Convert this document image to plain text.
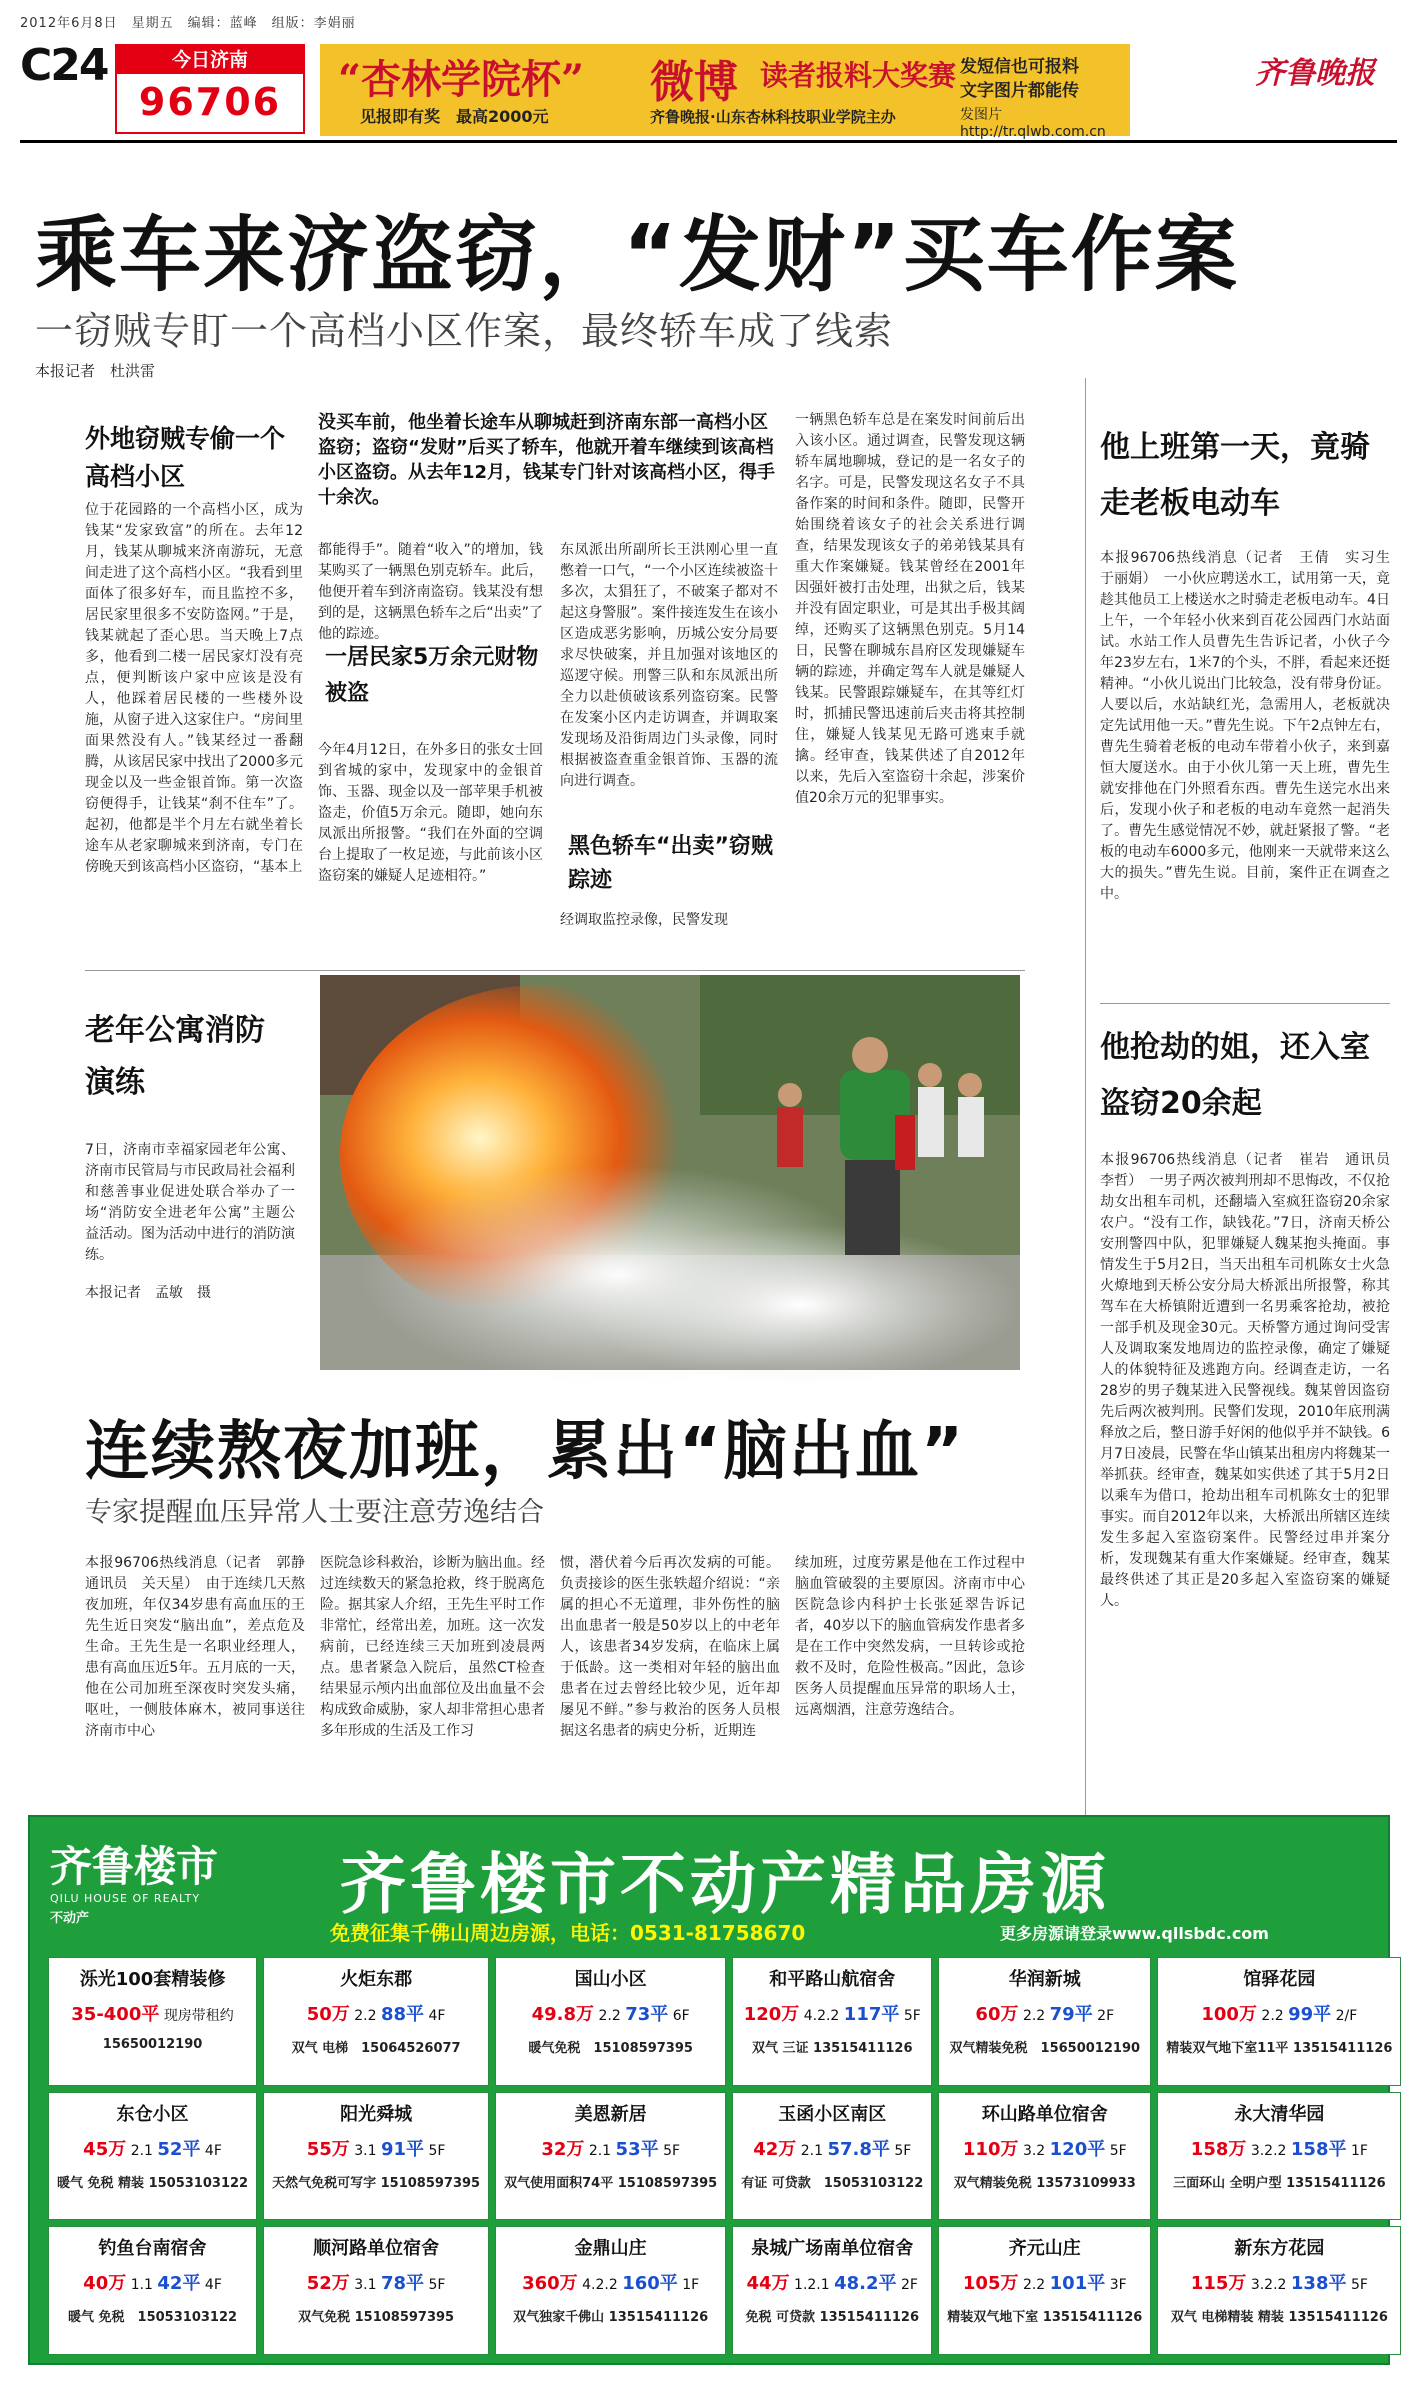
2012年6月8日　星期五　编辑：蓝峰　组版：李娟丽
C24	今日济南
96706	“杏林学院杯”
见报即有奖　最高2000元
微博 读者报料大奖赛
齐鲁晚报·山东杏林科技职业学院主办
发短信也可报料
文字图片都能传
发图片 http://tr.qlwb.com.cn
齐鲁晚报
乘车来济盗窃，“发财”买车作案
一窃贼专盯一个高档小区作案，最终轿车成了线索
本报记者　杜洪雷
外地窃贼专偷一个高档小区
位于花园路的一个高档小区，成为钱某“发家致富”的所在。去年12月，钱某从聊城来济南游玩，无意间走进了这个高档小区。“我看到里面体了很多好车，而且监控不多，居民家里很多不安防盗网。”于是，钱某就起了歪心思。当天晚上7点多，他看到二楼一居民家灯没有亮点，便判断该户家中应该是没有人，他踩着居民楼的一些楼外设施，从窗子进入这家住户。“房间里面果然没有人。”钱某经过一番翻腾，从该居民家中找出了2000多元现金以及一些金银首饰。第一次盗窃便得手，让钱某“刹不住车”了。起初，他都是半个月左右就坐着长途车从老家聊城来到济南，专门在傍晚天到该高档小区盗窃，“基本上
没买车前，他坐着长途车从聊城赶到济南东部一高档小区盗窃；盗窃“发财”后买了轿车，他就开着车继续到该高档小区盗窃。从去年12月，钱某专门针对该高档小区，得手十余次。
都能得手”。随着“收入”的增加，钱某购买了一辆黑色别克轿车。此后，他便开着车到济南盗窃。钱某没有想到的是，这辆黑色轿车之后“出卖”了他的踪迹。
一居民家5万余元财物被盗
今年4月12日，在外多日的张女士回到省城的家中，发现家中的金银首饰、玉器、现金以及一部苹果手机被盗走，价值5万余元。随即，她向东凤派出所报警。“我们在外面的空调台上提取了一枚足迹，与此前该小区盗窃案的嫌疑人足迹相符。”
东凤派出所副所长王洪刚心里一直憋着一口气，“一个小区连续被盗十多次，太猖狂了，不破案子都对不起这身警服”。案件接连发生在该小区造成恶劣影响，历城公安分局要求尽快破案，并且加强对该地区的巡逻守候。刑警三队和东凤派出所全力以赴侦破该系列盗窃案。民警在发案小区内走访调查，并调取案发现场及沿街周边门头录像，同时根据被盗查重金银首饰、玉器的流向进行调查。
黑色轿车“出卖”窃贼踪迹
经调取监控录像，民警发现
一辆黑色轿车总是在案发时间前后出入该小区。通过调查，民警发现这辆轿车属地聊城，登记的是一名女子的名字。可是，民警发现这名女子不具备作案的时间和条件。随即，民警开始围绕着该女子的社会关系进行调查，结果发现该女子的弟弟钱某具有重大作案嫌疑。钱某曾经在2001年因强奸被打击处理，出狱之后，钱某并没有固定职业，可是其出手极其阔绰，还购买了这辆黑色别克。5月14日，民警在聊城东昌府区发现嫌疑车辆的踪迹，并确定驾车人就是嫌疑人钱某。民警跟踪嫌疑车，在其等红灯时，抓捕民警迅速前后夹击将其控制住，嫌疑人钱某见无路可逃束手就擒。经审查，钱某供述了自2012年以来，先后入室盗窃十余起，涉案价值20余万元的犯罪事实。
他上班第一天，竟骑走老板电动车
本报96706热线消息（记者　王倩　实习生　于丽娟）　一小伙应聘送水工，试用第一天，竟趁其他员工上楼送水之时骑走老板电动车。4日上午，一个年轻小伙来到百花公园西门水站面试。水站工作人员曹先生告诉记者，小伙子今年23岁左右，1米7的个头，不胖，看起来还挺精神。“小伙儿说出门比较急，没有带身份证。人要以后，水站缺红光，急需用人，老板就决定先试用他一天。”曹先生说。下午2点钟左右，曹先生骑着老板的电动车带着小伙子，来到嘉恒大厦送水。由于小伙儿第一天上班，曹先生就安排他在门外照看东西。曹先生送完水出来后，发现小伙子和老板的电动车竟然一起消失了。曹先生感觉情况不妙，就赶紧报了警。“老板的电动车6000多元，他刚来一天就带来这么大的损失。”曹先生说。目前，案件正在调查之中。
他抢劫的姐，还入室盗窃20余起
本报96706热线消息（记者　崔岩　通讯员　李哲）　一男子两次被判刑却不思悔改，不仅抢劫女出租车司机，还翻墙入室疯狂盗窃20余家农户。“没有工作，缺钱花。”7日，济南天桥公安刑警四中队，犯罪嫌疑人魏某抱头掩面。事情发生于5月2日，当天出租车司机陈女士火急火燎地到天桥公安分局大桥派出所报警，称其驾车在大桥镇附近遭到一名男乘客抢劫，被抢一部手机及现金30元。天桥警方通过询问受害人及调取案发地周边的监控录像，确定了嫌疑人的体貌特征及逃跑方向。经调查走访，一名28岁的男子魏某进入民警视线。魏某曾因盗窃先后两次被判刑。民警们发现，2010年底刑满释放之后，整日游手好闲的他似乎并不缺钱。6月7日凌晨，民警在华山镇某出租房内将魏某一举抓获。经审查，魏某如实供述了其于5月2日以乘车为借口，抢劫出租车司机陈女士的犯罪事实。而自2012年以来，大桥派出所辖区连续发生多起入室盗窃案件。民警经过串并案分析，发现魏某有重大作案嫌疑。经审查，魏某最终供述了其正是20多起入室盗窃案的嫌疑人。
老年公寓消防演练
7日，济南市幸福家园老年公寓、济南市民管局与市民政局社会福利和慈善事业促进处联合举办了一场“消防安全进老年公寓”主题公益活动。图为活动中进行的消防演练。
本报记者　孟敏　摄
连续熬夜加班，累出“脑出血”
专家提醒血压异常人士要注意劳逸结合
本报96706热线消息（记者　郭静　通讯员　关天星）　由于连续几天熬夜加班，年仅34岁患有高血压的王先生近日突发“脑出血”，差点危及生命。王先生是一名职业经理人，患有高血压近5年。五月底的一天，他在公司加班至深夜时突发头痛，呕吐，一侧肢体麻木，被同事送往济南市中心
医院急诊科救治，诊断为脑出血。经过连续数天的紧急抢救，终于脱离危险。据其家人介绍，王先生平时工作非常忙，经常出差，加班。这一次发病前，已经连续三天加班到凌晨两点。患者紧急入院后，虽然CT检查结果显示颅内出血部位及出血量不会构成致命威胁，家人却非常担心患者多年形成的生活及工作习
惯，潜伏着今后再次发病的可能。负责接诊的医生张轶超介绍说：“亲属的担心不无道理，非外伤性的脑出血患者一般是50岁以上的中老年人，该患者34岁发病，在临床上属于低龄。这一类相对年轻的脑出血患者在过去曾经比较少见，近年却屡见不鲜。”参与救治的医务人员根据这名患者的病史分析，近期连
续加班，过度劳累是他在工作过程中脑血管破裂的主要原因。济南市中心医院急诊内科护士长张延翠告诉记者，40岁以下的脑血管病发作患者多是在工作中突然发病，一旦转诊或抢救不及时，危险性极高。”因此，急诊医务人员提醒血压异常的职场人士，远离烟酒，注意劳逸结合。
齐鲁楼市
QILU HOUSE OF REALTY
不动产	齐鲁楼市不动产精品房源
免费征集千佛山周边房源，电话：0531-81758670	更多房源请登录www.qllsbdc.com
泺光100套精装修
35-400平 现房带租约
15650012190
火炬东郡
50万 2.2 88平 4F
双气 电梯　15064526077
国山小区
49.8万 2.2 73平 6F
暖气免税　15108597395
和平路山航宿舍
120万 4.2.2 117平 5F
双气 三证 13515411126
华润新城
60万 2.2 79平 2F
双气精装免税　15650012190
馆驿花园
100万 2.2 99平 2/F
精装双气地下室11平 13515411126
东仓小区
45万 2.1 52平 4F
暖气 免税 精装 15053103122
阳光舜城
55万 3.1 91平 5F
天然气免税可写字 15108597395
美恩新居
32万 2.1 53平 5F
双气使用面积74平 15108597395
玉函小区南区
42万 2.1 57.8平 5F
有证 可贷款　15053103122
环山路单位宿舍
110万 3.2 120平 5F
双气精装免税 13573109933
永大清华园
158万 3.2.2 158平 1F
三面环山 全明户型 13515411126
钓鱼台南宿舍
40万 1.1 42平 4F
暖气 免税　15053103122
顺河路单位宿舍
52万 3.1 78平 5F
双气免税 15108597395
金鼎山庄
360万 4.2.2 160平 1F
双气独家千佛山 13515411126
泉城广场南单位宿舍
44万 1.2.1 48.2平 2F
免税 可贷款 13515411126
齐元山庄
105万 2.2 101平 3F
精装双气地下室 13515411126
新东方花园
115万 3.2.2 138平 5F
双气 电梯精装 精装 13515411126
